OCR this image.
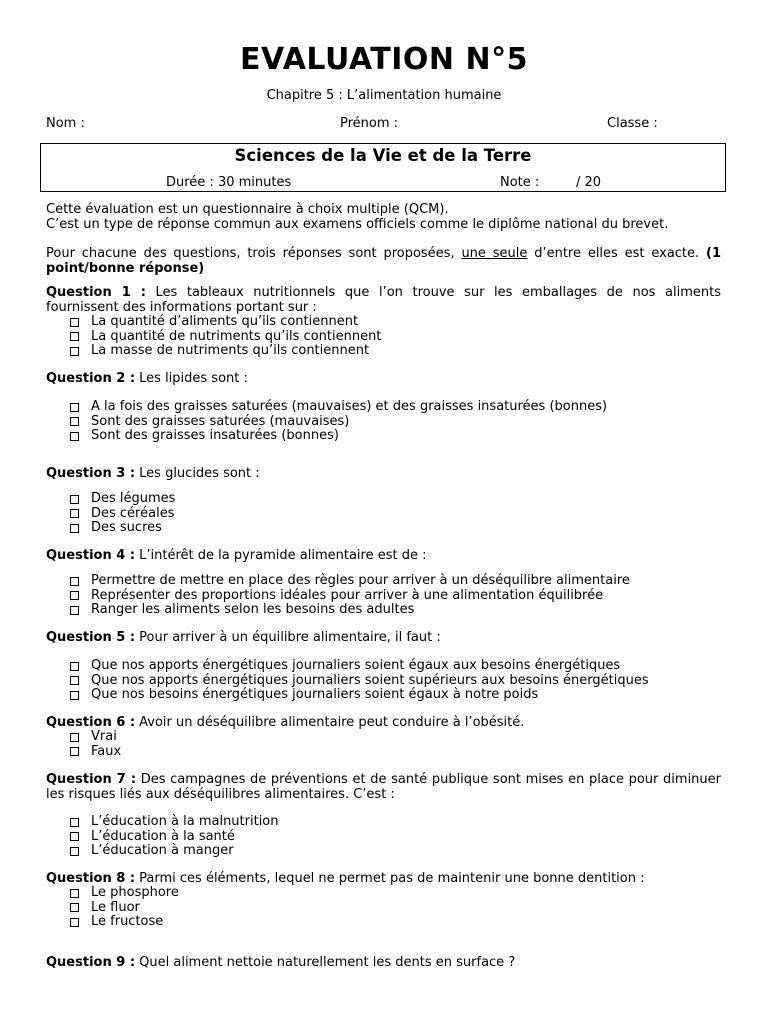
EVALUATION N°5
Chapitre 5 : L’alimentation humaine
Nom :	Prénom :	Classe :
Sciences de la Vie et de la Terre
Durée : 30 minutes	Note :	/ 20
Cette évaluation est un questionnaire à choix multiple (QCM).
C’est un type de réponse commun aux examens officiels comme le diplôme national du brevet.
Pour chacune des questions, trois réponses sont proposées, une seule d’entre elles est exacte. (1 point/bonne réponse)
Question 1 : Les tableaux nutritionnels que l’on trouve sur les emballages de nos aliments fournissent des informations portant sur :
La quantité d’aliments qu’ils contiennent
La quantité de nutriments qu’ils contiennent
La masse de nutriments qu’ils contiennent
Question 2 : Les lipides sont :
A la fois des graisses saturées (mauvaises) et des graisses insaturées (bonnes)
Sont des graisses saturées (mauvaises)
Sont des graisses insaturées (bonnes)
Question 3 : Les glucides sont :
Des légumes
Des céréales
Des sucres
Question 4 : L’intérêt de la pyramide alimentaire est de :
Permettre de mettre en place des règles pour arriver à un déséquilibre alimentaire
Représenter des proportions idéales pour arriver à une alimentation équilibrée
Ranger les aliments selon les besoins des adultes
Question 5 : Pour arriver à un équilibre alimentaire, il faut :
Que nos apports énergétiques journaliers soient égaux aux besoins énergétiques
Que nos apports énergétiques journaliers soient supérieurs aux besoins énergétiques
Que nos besoins énergétiques journaliers soient égaux à notre poids
Question 6 : Avoir un déséquilibre alimentaire peut conduire à l’obésité.
Vrai
Faux
Question 7 : Des campagnes de préventions et de santé publique sont mises en place pour diminuer les risques liés aux déséquilibres alimentaires. C’est :
L’éducation à la malnutrition
L’éducation à la santé
L’éducation à manger
Question 8 : Parmi ces éléments, lequel ne permet pas de maintenir une bonne dentition :
Le phosphore
Le fluor
Le fructose
Question 9 : Quel aliment nettoie naturellement les dents en surface ?
